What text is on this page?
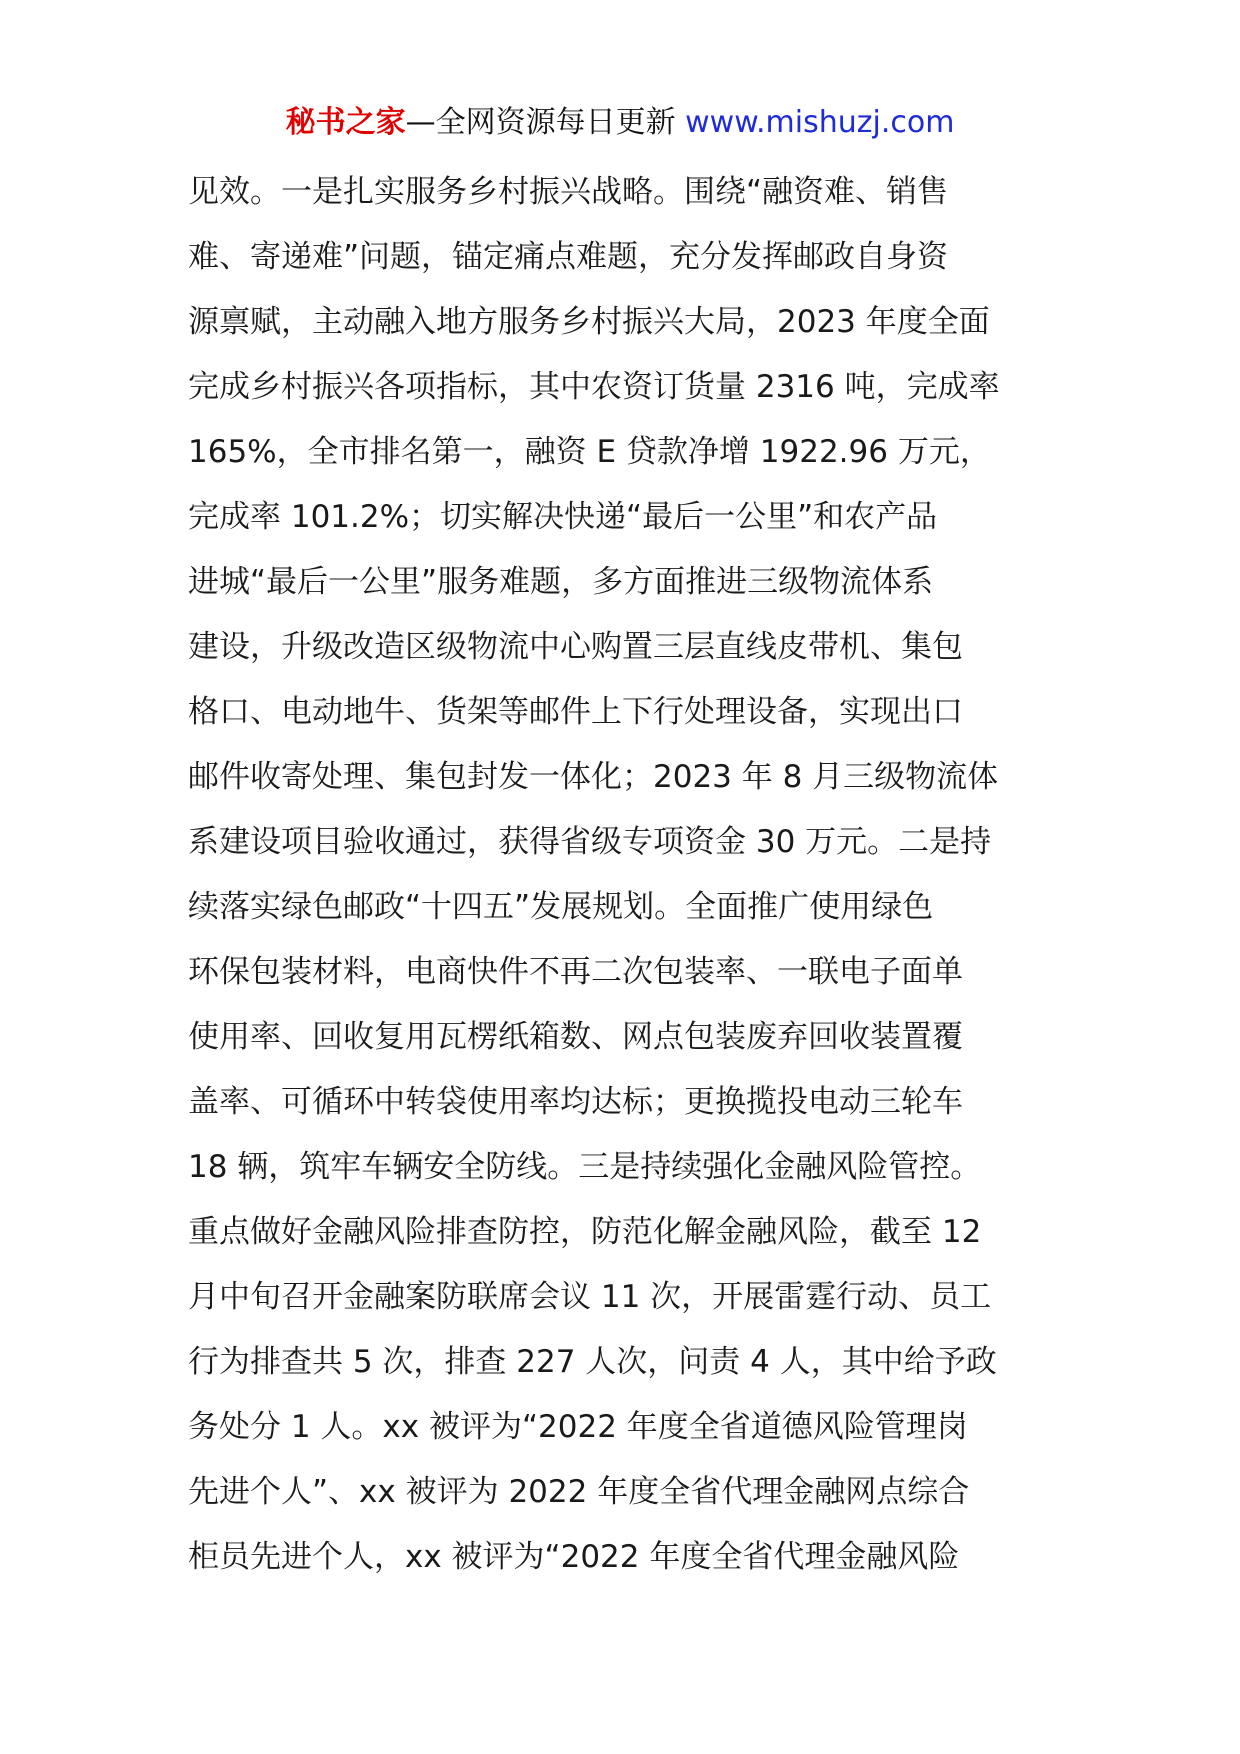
秘书之家—全网资源每日更新 www.mishuzj.com
见效。一是扎实服务乡村振兴战略。围绕“融资难、销售
难、寄递难”问题，锚定痛点难题，充分发挥邮政自身资
源禀赋，主动融入地方服务乡村振兴大局，2023 年度全面
完成乡村振兴各项指标，其中农资订货量 2316 吨，完成率
165%，全市排名第一，融资 E 贷款净增 1922.96 万元，
完成率 101.2%；切实解决快递“最后一公里”和农产品
进城“最后一公里”服务难题，多方面推进三级物流体系
建设，升级改造区级物流中心购置三层直线皮带机、集包
格口、电动地牛、货架等邮件上下行处理设备，实现出口
邮件收寄处理、集包封发一体化；2023 年 8 月三级物流体
系建设项目验收通过，获得省级专项资金 30 万元。二是持
续落实绿色邮政“十四五”发展规划。全面推广使用绿色
环保包装材料，电商快件不再二次包装率、一联电子面单
使用率、回收复用瓦楞纸箱数、网点包装废弃回收装置覆
盖率、可循环中转袋使用率均达标；更换揽投电动三轮车
18 辆，筑牢车辆安全防线。三是持续强化金融风险管控。
重点做好金融风险排查防控，防范化解金融风险，截至 12
月中旬召开金融案防联席会议 11 次，开展雷霆行动、员工
行为排查共 5 次，排查 227 人次，问责 4 人，其中给予政
务处分 1 人。xx 被评为“2022 年度全省道德风险管理岗
先进个人”、xx 被评为 2022 年度全省代理金融网点综合
柜员先进个人，xx 被评为“2022 年度全省代理金融风险
